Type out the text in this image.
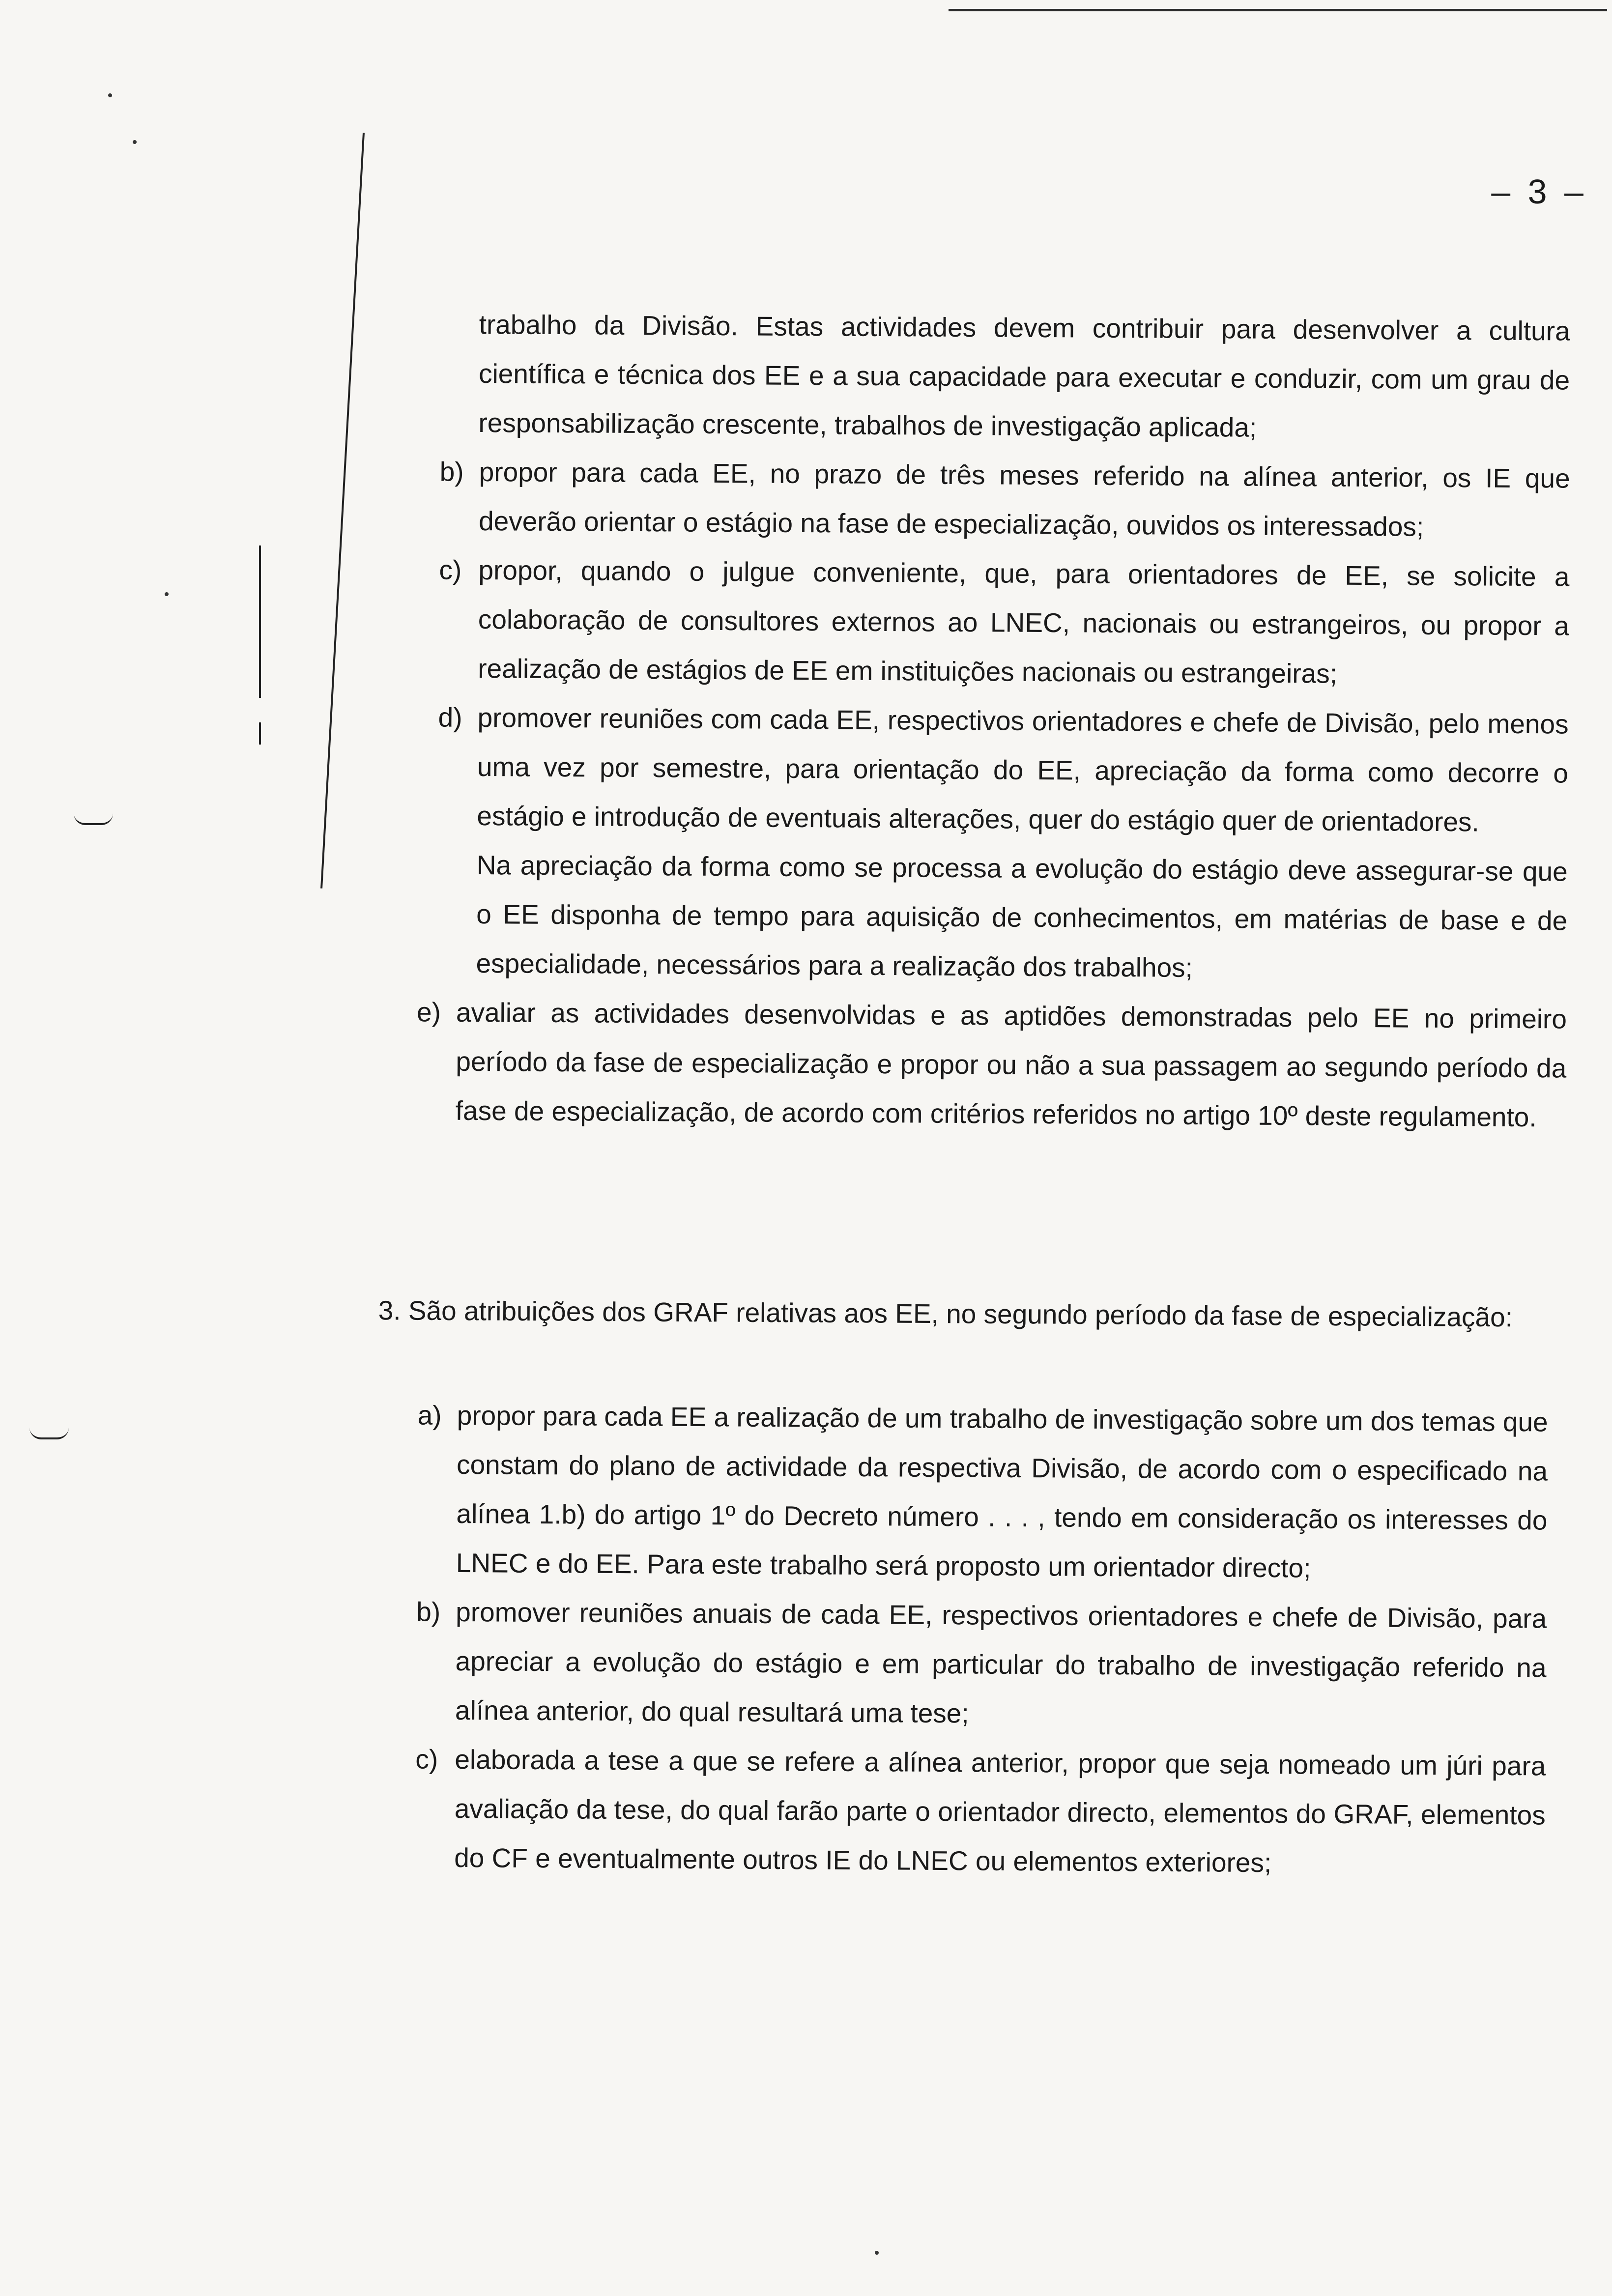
– 3 –

trabalho da Divisão. Estas actividades devem contribuir para desenvolver a cultura científica e técnica dos EE e a sua capacidade para executar e conduzir, com um grau de responsabilização crescente, trabalhos de investigação aplicada;

b) propor para cada EE, no prazo de três meses referido na alínea anterior, os IE que deverão orientar o estágio na fase de especialização, ouvidos os interessados;
c) propor, quando o julgue conveniente, que, para orientadores de EE, se solicite a colaboração de consultores externos ao LNEC, nacionais ou estrangeiros, ou propor a realização de estágios de EE em instituições nacionais ou estrangeiras;
d) promover reuniões com cada EE, respectivos orientadores e chefe de Divisão, pelo menos uma vez por semestre, para orientação do EE, apreciação da forma como decorre o estágio e introdução de eventuais alterações, quer do estágio quer de orientadores.
Na apreciação da forma como se processa a evolução do estágio deve assegurar-se que o EE disponha de tempo para aquisição de conhecimentos, em matérias de base e de especialidade, necessários para a realização dos trabalhos;
e) avaliar as actividades desenvolvidas e as aptidões demonstradas pelo EE no primeiro período da fase de especialização e propor ou não a sua passagem ao segundo período da fase de especialização, de acordo com critérios referidos no artigo 10º deste regulamento.

3. São atribuições dos GRAF relativas aos EE, no segundo período da fase de especialização:

a) propor para cada EE a realização de um trabalho de investigação sobre um dos temas que constam do plano de actividade da respectiva Divisão, de acordo com o especificado na alínea 1.b) do artigo 1º do Decreto número . . . , tendo em consideração os interesses do LNEC e do EE. Para este trabalho será proposto um orientador directo;
b) promover reuniões anuais de cada EE, respectivos orientadores e chefe de Divisão, para apreciar a evolução do estágio e em particular do trabalho de investigação referido na alínea anterior, do qual resultará uma tese;
c) elaborada a tese a que se refere a alínea anterior, propor que seja nomeado um júri para avaliação da tese, do qual farão parte o orientador directo, elementos do GRAF, elementos do CF e eventualmente outros IE do LNEC ou elementos exteriores;
